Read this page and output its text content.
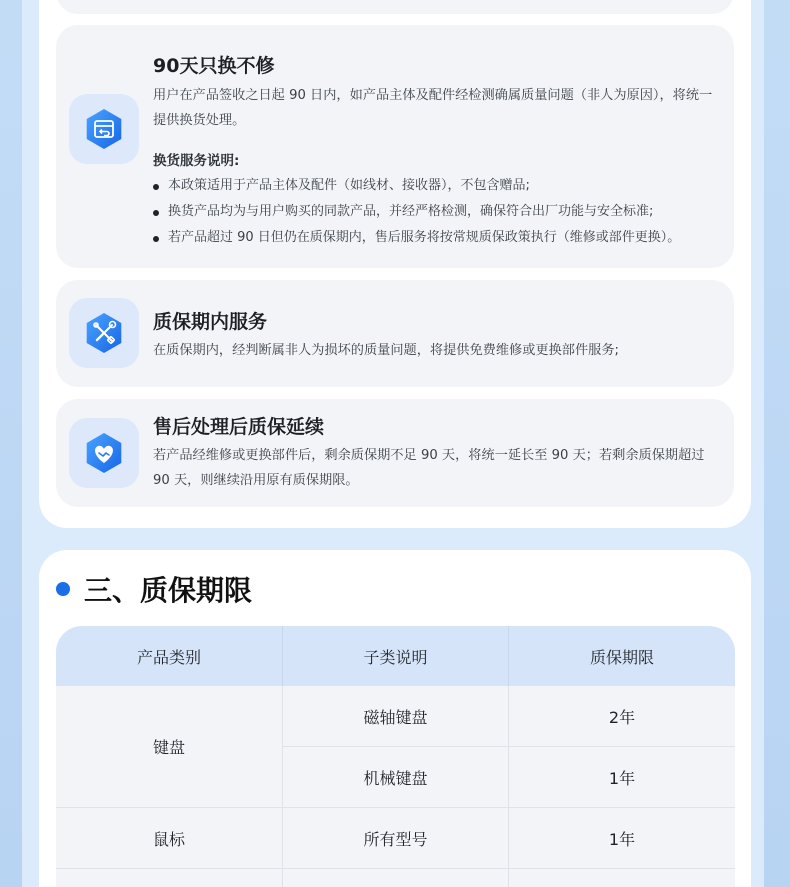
90天只换不修
用户在产品签收之日起 90 日内，如产品主体及配件经检测确属质量问题（非人为原因），将统一提供换货处理。
换货服务说明:
本政策适用于产品主体及配件（如线材、接收器），不包含赠品;
换货产品均为与用户购买的同款产品，并经严格检测，确保符合出厂功能与安全标准;
若产品超过 90 日但仍在质保期内，售后服务将按常规质保政策执行（维修或部件更换）。
质保期内服务
在质保期内，经判断属非人为损坏的质量问题，将提供免费维修或更换部件服务;
售后处理后质保延续
若产品经维修或更换部件后，剩余质保期不足 90 天，将统一延长至 90 天；若剩余质保期超过 90 天，则继续沿用原有质保期限。
三、质保期限
产品类别	子类说明	质保期限
键盘
磁轴键盘	2年
机械键盘	1年
鼠标	所有型号	1年
